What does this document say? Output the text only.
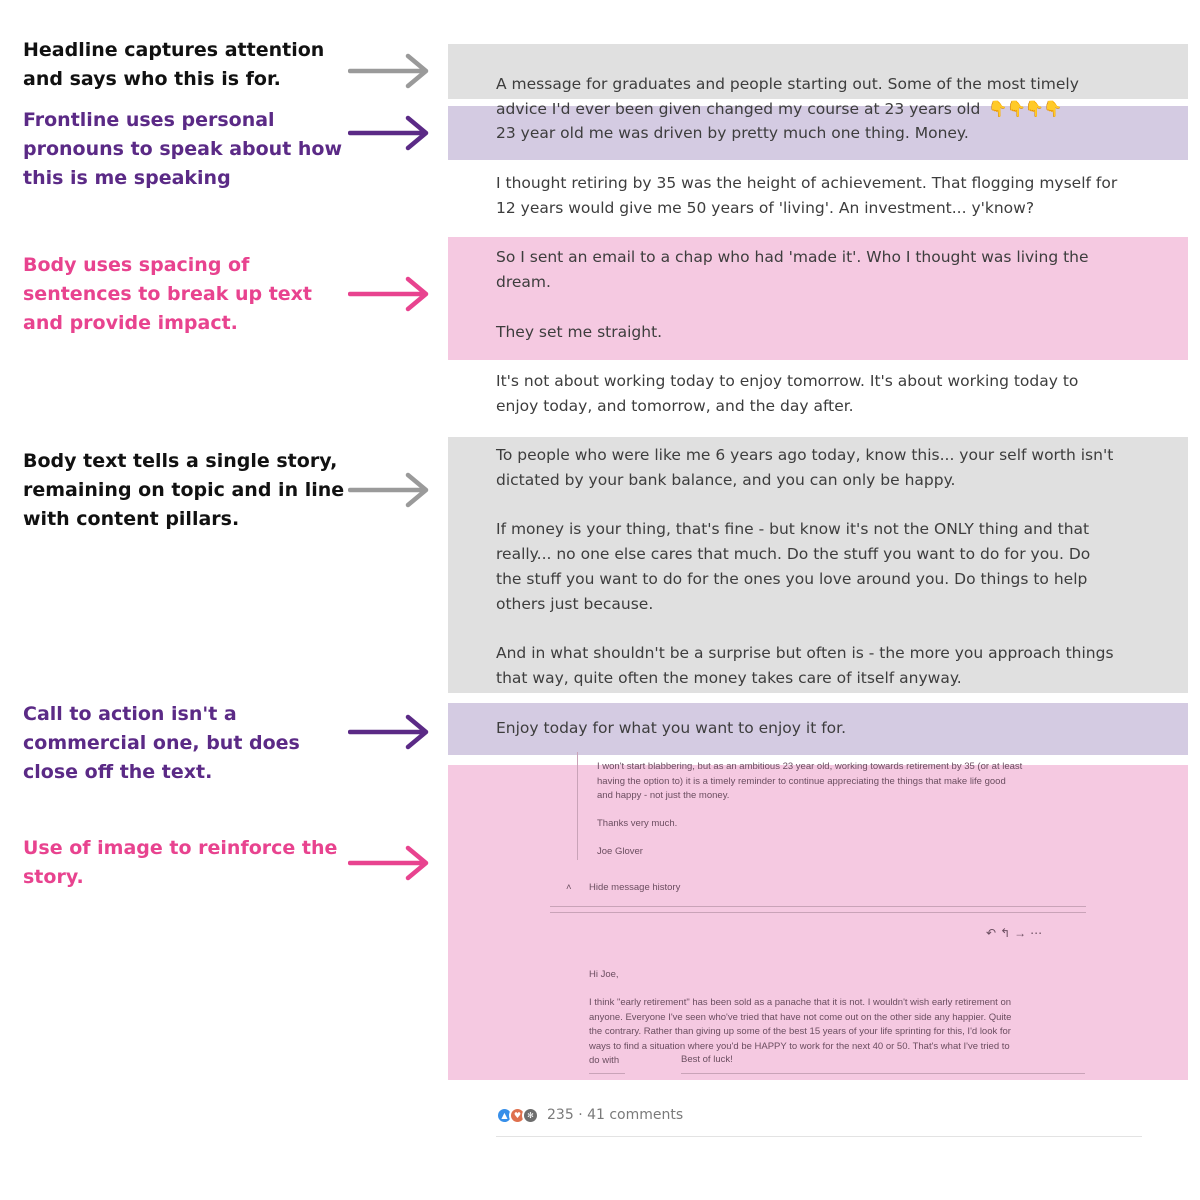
Headline captures attention
and says who this is for.
Frontline uses personal
pronouns to speak about how
this is me speaking
Body uses spacing of
sentences to break up text
and provide impact.
Body text tells a single story,
remaining on topic and in line
with content pillars.
Call to action isn't a
commercial one, but does
close off the text.
Use of image to reinforce the
story.

A message for graduates and people starting out. Some of the most timely
advice I'd ever been given changed my course at 23 years old 👇👇👇👇

23 year old me was driven by pretty much one thing. Money.
I thought retiring by 35 was the height of achievement. That flogging myself for
12 years would give me 50 years of 'living'. An investment... y'know?
So I sent an email to a chap who had 'made it'. Who I thought was living the
dream.
They set me straight.
It's not about working today to enjoy tomorrow. It's about working today to
enjoy today, and tomorrow, and the day after.
To people who were like me 6 years ago today, know this... your self worth isn't
dictated by your bank balance, and you can only be happy.
If money is your thing, that's fine - but know it's not the ONLY thing and that
really... no one else cares that much. Do the stuff you want to do for you. Do
the stuff you want to do for the ones you love around you. Do things to help
others just because.
And in what shouldn't be a surprise but often is - the more you approach things
that way, quite often the money takes care of itself anyway.
Enjoy today for what you want to enjoy it for.
I won't start blabbering, but as an ambitious 23 year old, working towards retirement by 35 (or at least
having the option to) it is a timely reminder to continue appreciating the things that make life good
and happy - not just the money.
Thanks very much.
Joe Glover
˄ Hide message history
↶↰→⋯
Hi Joe,
I think "early retirement" has been sold as a panache that it is not. I wouldn't wish early retirement on
anyone. Everyone I've seen who've tried that have not come out on the other side any happier. Quite
the contrary. Rather than giving up some of the best 15 years of your life sprinting for this, I'd look for
ways to find a situation where you'd be HAPPY to work for the next 40 or 50. That's what I've tried to
do with	Best of luck!
▲ ♥ ✻ 235 · 41 comments
